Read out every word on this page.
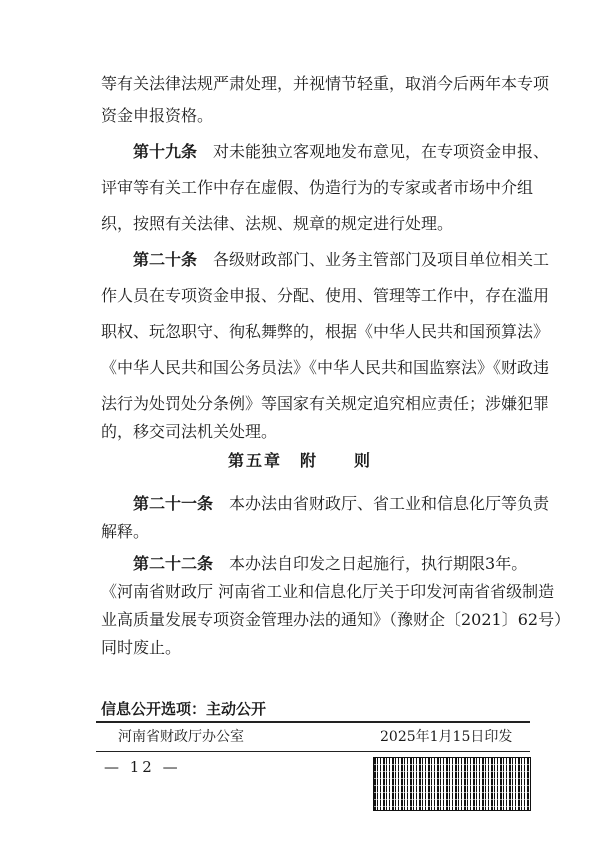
等有关法律法规严肃处理，并视情节轻重，取消今后两年本专项
资金申报资格。
第十九条　对未能独立客观地发布意见，在专项资金申报、
评审等有关工作中存在虚假、伪造行为的专家或者市场中介组
织，按照有关法律、法规、规章的规定进行处理。
第二十条　各级财政部门、业务主管部门及项目单位相关工
作人员在专项资金申报、分配、使用、管理等工作中，存在滥用
职权、玩忽职守、徇私舞弊的，根据《中华人民共和国预算法》
《中华人民共和国公务员法》《中华人民共和国监察法》《财政违
法行为处罚处分条例》等国家有关规定追究相应责任；涉嫌犯罪
第五章　附　　则
第二十一条　本办法由省财政厅、省工业和信息化厅等负责
解释。
第二十二条　本办法自印发之日起施行，执行期限3年。
《河南省财政厅 河南省工业和信息化厅关于印发河南省省级制造
业高质量发展专项资金管理办法的通知》（豫财企〔2021〕62号）
同时废止。
信息公开选项：主动公开
河南省财政厅办公室	2025年1月15日印发
— 12 —
的，移交司法机关处理。
